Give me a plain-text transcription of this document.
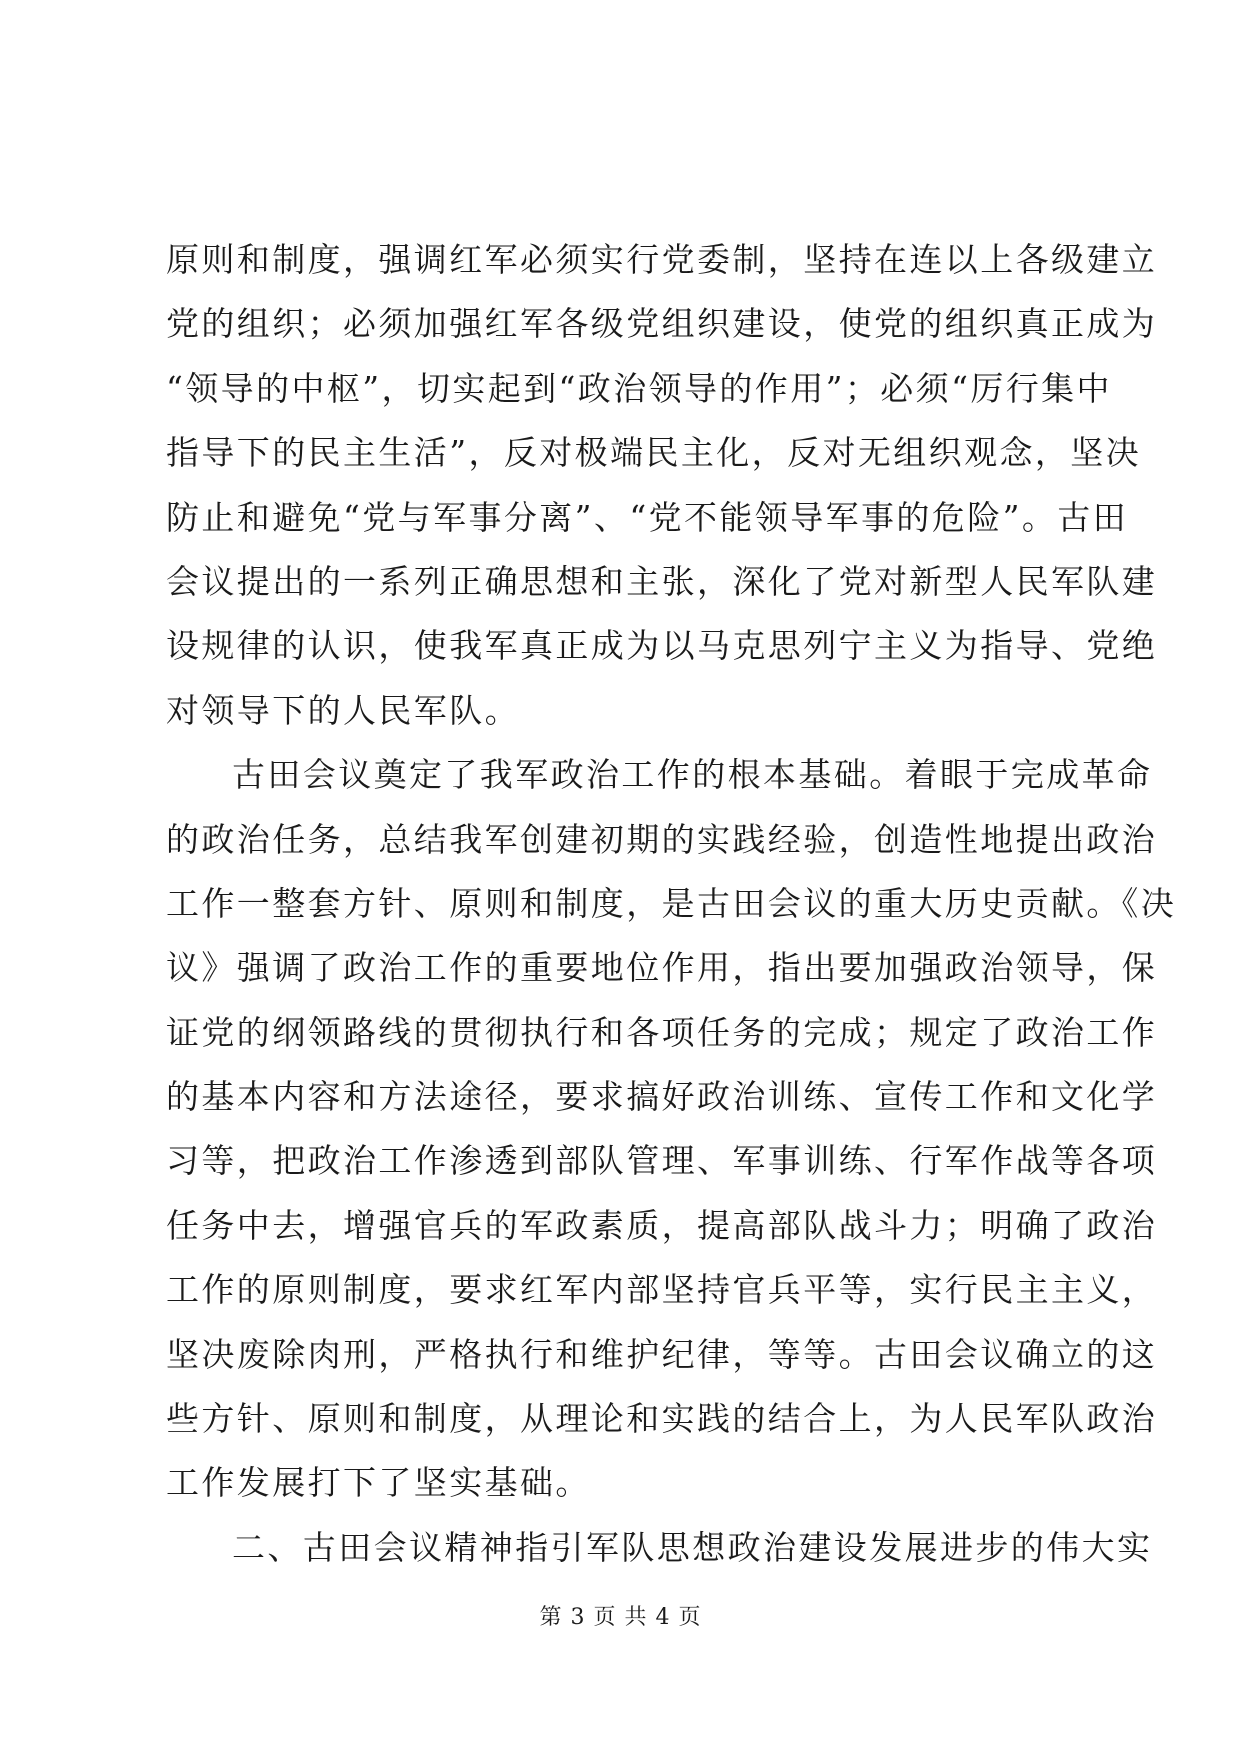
原则和制度，强调红军必须实行党委制，坚持在连以上各级建立
党的组织；必须加强红军各级党组织建设，使党的组织真正成为
“领导的中枢”，切实起到“政治领导的作用”；必须“厉行集中
指导下的民主生活”，反对极端民主化，反对无组织观念，坚决
防止和避免“党与军事分离”、“党不能领导军事的危险”。古田
会议提出的一系列正确思想和主张，深化了党对新型人民军队建
设规律的认识，使我军真正成为以马克思列宁主义为指导、党绝
对领导下的人民军队。
古田会议奠定了我军政治工作的根本基础。着眼于完成革命
的政治任务，总结我军创建初期的实践经验，创造性地提出政治
工作一整套方针、原则和制度，是古田会议的重大历史贡献。《决
议》强调了政治工作的重要地位作用，指出要加强政治领导，保
证党的纲领路线的贯彻执行和各项任务的完成；规定了政治工作
的基本内容和方法途径，要求搞好政治训练、宣传工作和文化学
习等，把政治工作渗透到部队管理、军事训练、行军作战等各项
任务中去，增强官兵的军政素质，提高部队战斗力；明确了政治
工作的原则制度，要求红军内部坚持官兵平等，实行民主主义，
坚决废除肉刑，严格执行和维护纪律，等等。古田会议确立的这
些方针、原则和制度，从理论和实践的结合上，为人民军队政治
工作发展打下了坚实基础。
二、古田会议精神指引军队思想政治建设发展进步的伟大实
第 3 页 共 4 页
